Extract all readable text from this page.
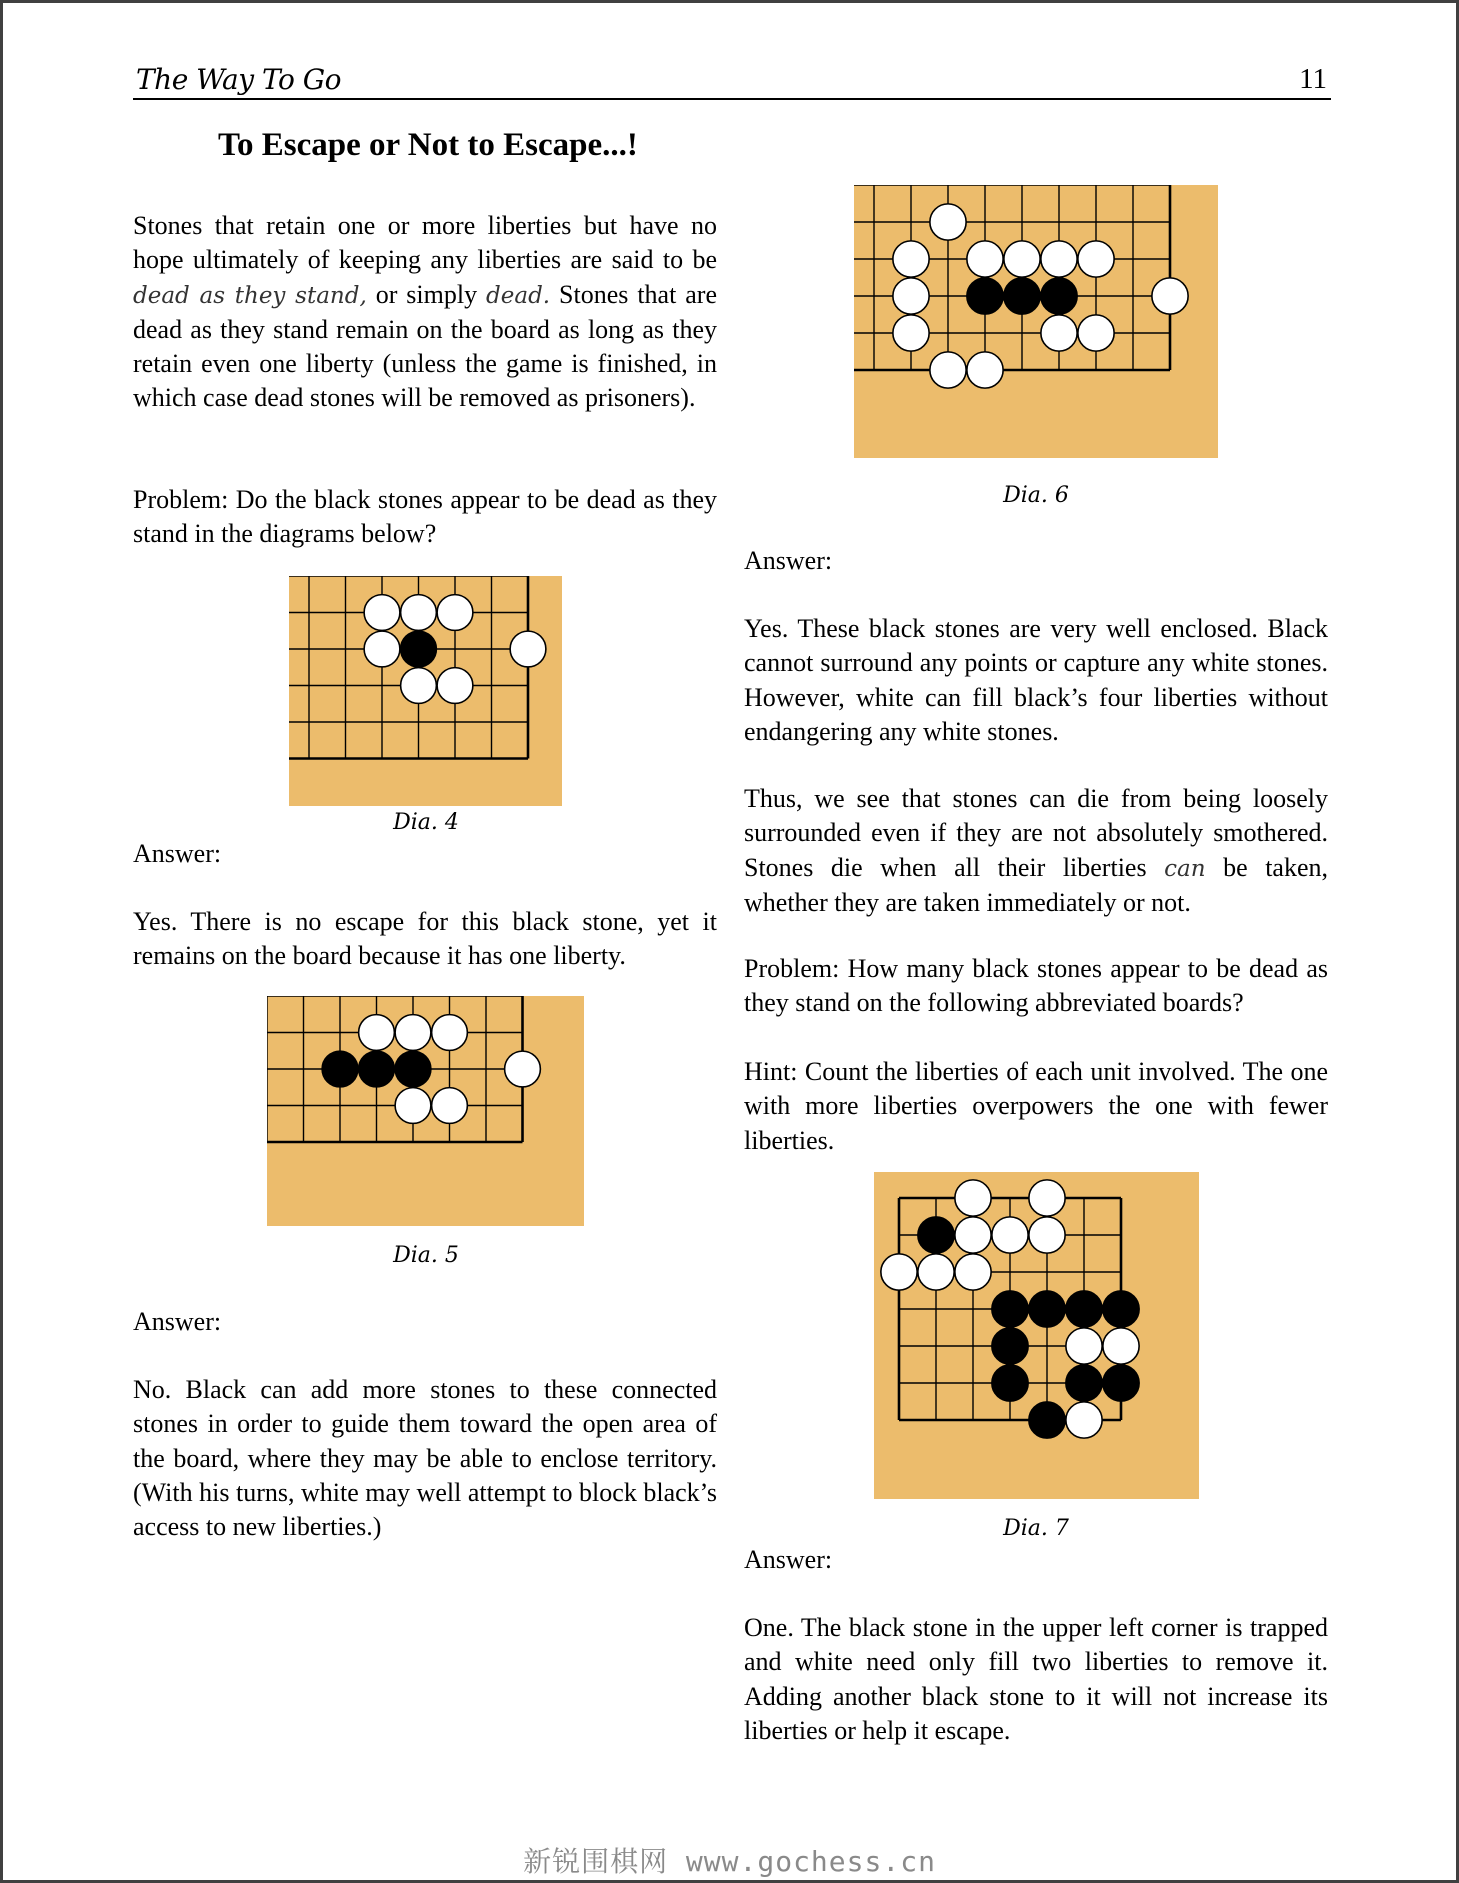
The Way To Go	11
To Escape or Not to Escape...!

Stones that retain one or more liberties but have no hope ultimately of keeping any liberties are said to be dead as they stand, or simply dead. Stones that are dead as they stand remain on the board as long as they retain even one liberty (unless the game is finished, in which case dead stones will be removed as prisoners).

Problem: Do the black stones appear to be dead as they stand in the diagrams below?

Dia. 4

Answer:

Yes. There is no escape for this black stone, yet it remains on the board because it has one liberty.

Dia. 5

Answer:

No. Black can add more stones to these connected stones in order to guide them toward the open area of the board, where they may be able to enclose territory. (With his turns, white may well attempt to block black’s access to new liberties.)

Dia. 6

Answer:

Yes. These black stones are very well enclosed. Black cannot surround any points or capture any white stones. However, white can fill black’s four liberties without endangering any white stones.

Thus, we see that stones can die from being loosely surrounded even if they are not absolutely smothered. Stones die when all their liberties can be taken, whether they are taken immediately or not.

Problem: How many black stones appear to be dead as they stand on the following abbreviated boards?

Hint: Count the liberties of each unit involved. The one with more liberties overpowers the one with fewer liberties.

Dia. 7

Answer:

One. The black stone in the upper left corner is trapped and white need only fill two liberties to remove it. Adding another black stone to it will not increase its liberties or help it escape.

新锐围棋网 www.gochess.cn
